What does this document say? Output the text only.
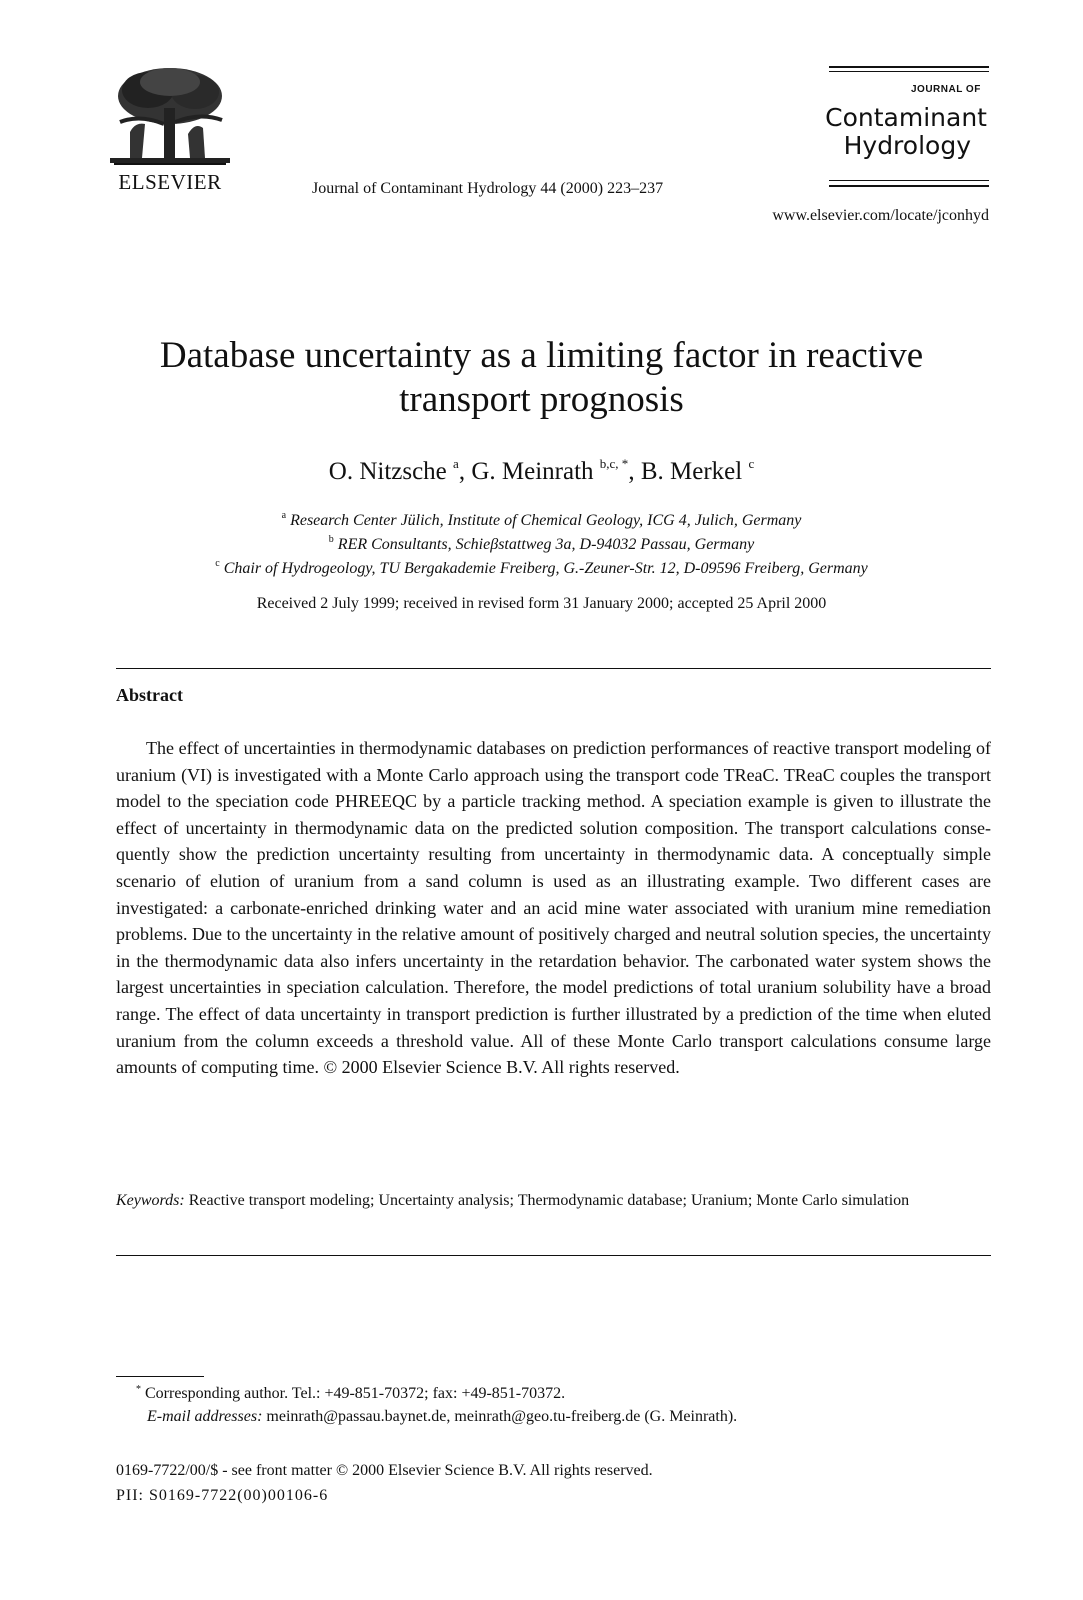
ELSEVIER	Journal of Contaminant Hydrology 44 (2000) 223–237
www.elsevier.com/locate/jconhyd
JOURNAL OF
Contaminant
Hydrology
Database uncertainty as a limiting factor in reactive
transport prognosis
O. Nitzsche $^a$, G. Meinrath $^{b,c, *}$, B. Merkel $^c$
$^a$ Research Center Jülich, Institute of Chemical Geology, ICG 4, Julich, Germany
$^b$ RER Consultants, Schieβstattweg 3a, D-94032 Passau, Germany
$^c$ Chair of Hydrogeology, TU Bergakademie Freiberg, G.-Zeuner-Str. 12, D-09596 Freiberg, Germany
Received 2 July 1999; received in revised form 31 January 2000; accepted 25 April 2000
Abstract
The effect of uncertainties in thermodynamic databases on prediction performances of reactive transport modeling of uranium (VI) is investigated with a Monte Carlo approach using the transport code TReaC. TReaC couples the transport model to the speciation code PHREEQC by a particle tracking method. A speciation example is given to illustrate the effect of uncertainty in thermodynamic data on the predicted solution composition. The transport calculations conse-quently show the prediction uncertainty resulting from uncertainty in thermodynamic data. A conceptually simple scenario of elution of uranium from a sand column is used as an illustrating example. Two different cases are investigated: a carbonate-enriched drinking water and an acid mine water associated with uranium mine remediation problems. Due to the uncertainty in the relative amount of positively charged and neutral solution species, the uncertainty in the thermodynamic data also infers uncertainty in the retardation behavior. The carbonated water system shows the largest uncertainties in speciation calculation. Therefore, the model predictions of total uranium solubility have a broad range. The effect of data uncertainty in transport prediction is further illustrated by a prediction of the time when eluted uranium from the column exceeds a threshold value. All of these Monte Carlo transport calculations consume large amounts of computing time. © 2000 Elsevier Science B.V. All rights reserved.
Keywords: Reactive transport modeling; Uncertainty analysis; Thermodynamic database; Uranium; Monte Carlo simulation
* Corresponding author. Tel.: +49-851-70372; fax: +49-851-70372.
E-mail addresses: meinrath@passau.baynet.de, meinrath@geo.tu-freiberg.de (G. Meinrath).
0169-7722/00/$ - see front matter © 2000 Elsevier Science B.V. All rights reserved.
PII: S0169-7722(00)00106-6
